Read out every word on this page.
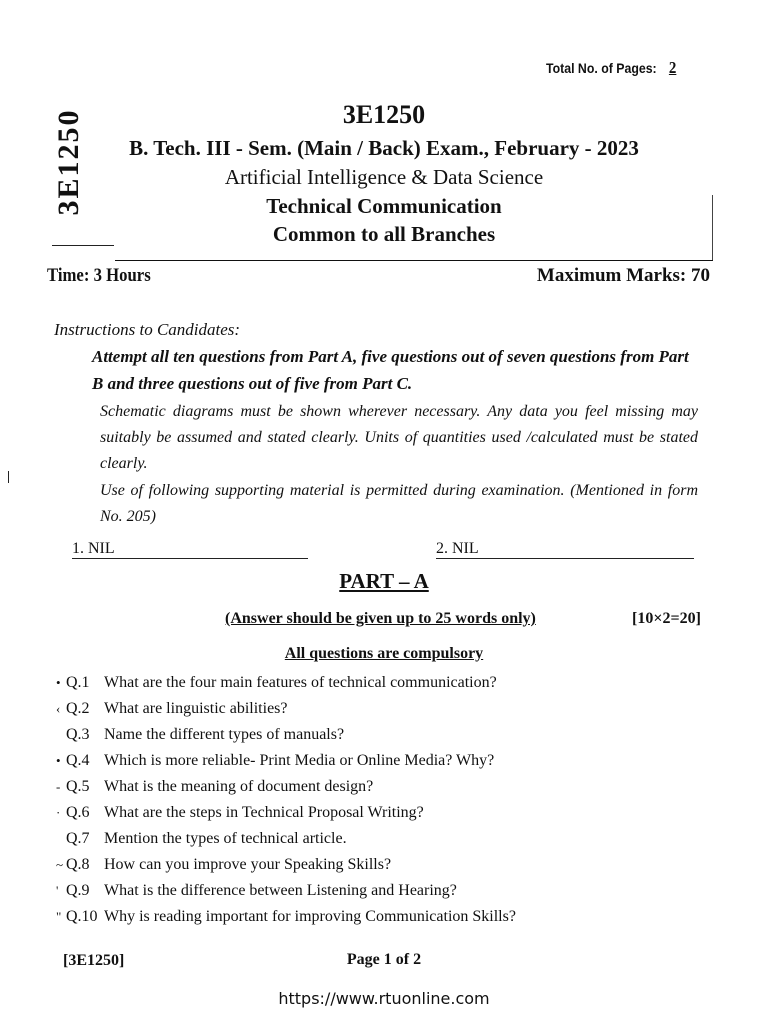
Total No. of Pages: 2
3E1250	3E1250
B. Tech. III - Sem. (Main / Back) Exam., February - 2023
Artificial Intelligence & Data Science
Technical Communication
Common to all Branches
Time: 3 Hours	Maximum Marks: 70
Instructions to Candidates:
Attempt all ten questions from Part A, five questions out of seven questions from Part B and three questions out of five from Part C.
Schematic diagrams must be shown wherever necessary. Any data you feel missing may suitably be assumed and stated clearly. Units of quantities used /calculated must be stated clearly.
Use of following supporting material is permitted during examination. (Mentioned in form No. 205)
1. NIL	2. NIL
PART – A
(Answer should be given up to 25 words only)	[10×2=20]
All questions are compulsory
• Q.1 What are the four main features of technical communication?
‹ Q.2 What are linguistic abilities?
Q.3 Name the different types of manuals?
• Q.4 Which is more reliable- Print Media or Online Media? Why?
- Q.5 What is the meaning of document design?
· Q.6 What are the steps in Technical Proposal Writing?
Q.7 Mention the types of technical article.
~ Q.8 How can you improve your Speaking Skills?
' Q.9 What is the difference between Listening and Hearing?
" Q.10 Why is reading important for improving Communication Skills?
[3E1250]	Page 1 of 2
https://www.rtuonline.com
